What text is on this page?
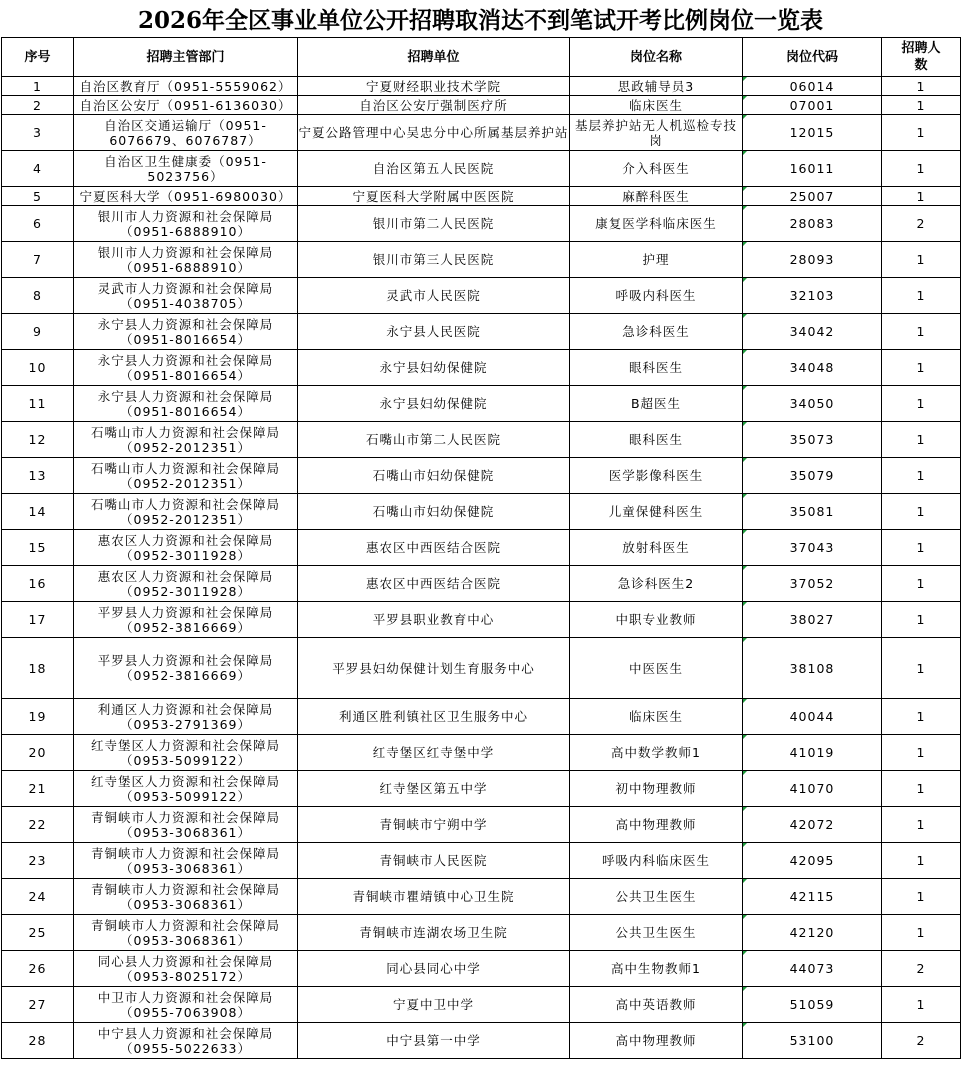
2026年全区事业单位公开招聘取消达不到笔试开考比例岗位一览表
序号	招聘主管部门	招聘单位	岗位名称	岗位代码	招聘人数
1	自治区教育厅（0951-5559062）	宁夏财经职业技术学院	思政辅导员3	06014	1
2	自治区公安厅（0951-6136030）	自治区公安厅强制医疗所	临床医生	07001	1
3	自治区交通运输厅（0951-6076679、6076787）	宁夏公路管理中心吴忠分中心所属基层养护站	基层养护站无人机巡检专技岗	12015	1
4	自治区卫生健康委（0951-5023756）	自治区第五人民医院	介入科医生	16011	1
5	宁夏医科大学（0951-6980030）	宁夏医科大学附属中医医院	麻醉科医生	25007	1
6	银川市人力资源和社会保障局（0951-6888910）	银川市第二人民医院	康复医学科临床医生	28083	2
7	银川市人力资源和社会保障局（0951-6888910）	银川市第三人民医院	护理	28093	1
8	灵武市人力资源和社会保障局（0951-4038705）	灵武市人民医院	呼吸内科医生	32103	1
9	永宁县人力资源和社会保障局（0951-8016654）	永宁县人民医院	急诊科医生	34042	1
10	永宁县人力资源和社会保障局（0951-8016654）	永宁县妇幼保健院	眼科医生	34048	1
11	永宁县人力资源和社会保障局（0951-8016654）	永宁县妇幼保健院	B超医生	34050	1
12	石嘴山市人力资源和社会保障局（0952-2012351）	石嘴山市第二人民医院	眼科医生	35073	1
13	石嘴山市人力资源和社会保障局（0952-2012351）	石嘴山市妇幼保健院	医学影像科医生	35079	1
14	石嘴山市人力资源和社会保障局（0952-2012351）	石嘴山市妇幼保健院	儿童保健科医生	35081	1
15	惠农区人力资源和社会保障局（0952-3011928）	惠农区中西医结合医院	放射科医生	37043	1
16	惠农区人力资源和社会保障局（0952-3011928）	惠农区中西医结合医院	急诊科医生2	37052	1
17	平罗县人力资源和社会保障局（0952-3816669）	平罗县职业教育中心	中职专业教师	38027	1
18	平罗县人力资源和社会保障局（0952-3816669）	平罗县妇幼保健计划生育服务中心	中医医生	38108	1
19	利通区人力资源和社会保障局（0953-2791369）	利通区胜利镇社区卫生服务中心	临床医生	40044	1
20	红寺堡区人力资源和社会保障局（0953-5099122）	红寺堡区红寺堡中学	高中数学教师1	41019	1
21	红寺堡区人力资源和社会保障局（0953-5099122）	红寺堡区第五中学	初中物理教师	41070	1
22	青铜峡市人力资源和社会保障局（0953-3068361）	青铜峡市宁朔中学	高中物理教师	42072	1
23	青铜峡市人力资源和社会保障局（0953-3068361）	青铜峡市人民医院	呼吸内科临床医生	42095	1
24	青铜峡市人力资源和社会保障局（0953-3068361）	青铜峡市瞿靖镇中心卫生院	公共卫生医生	42115	1
25	青铜峡市人力资源和社会保障局（0953-3068361）	青铜峡市连湖农场卫生院	公共卫生医生	42120	1
26	同心县人力资源和社会保障局（0953-8025172）	同心县同心中学	高中生物教师1	44073	2
27	中卫市人力资源和社会保障局（0955-7063908）	宁夏中卫中学	高中英语教师	51059	1
28	中宁县人力资源和社会保障局（0955-5022633）	中宁县第一中学	高中物理教师	53100	2
